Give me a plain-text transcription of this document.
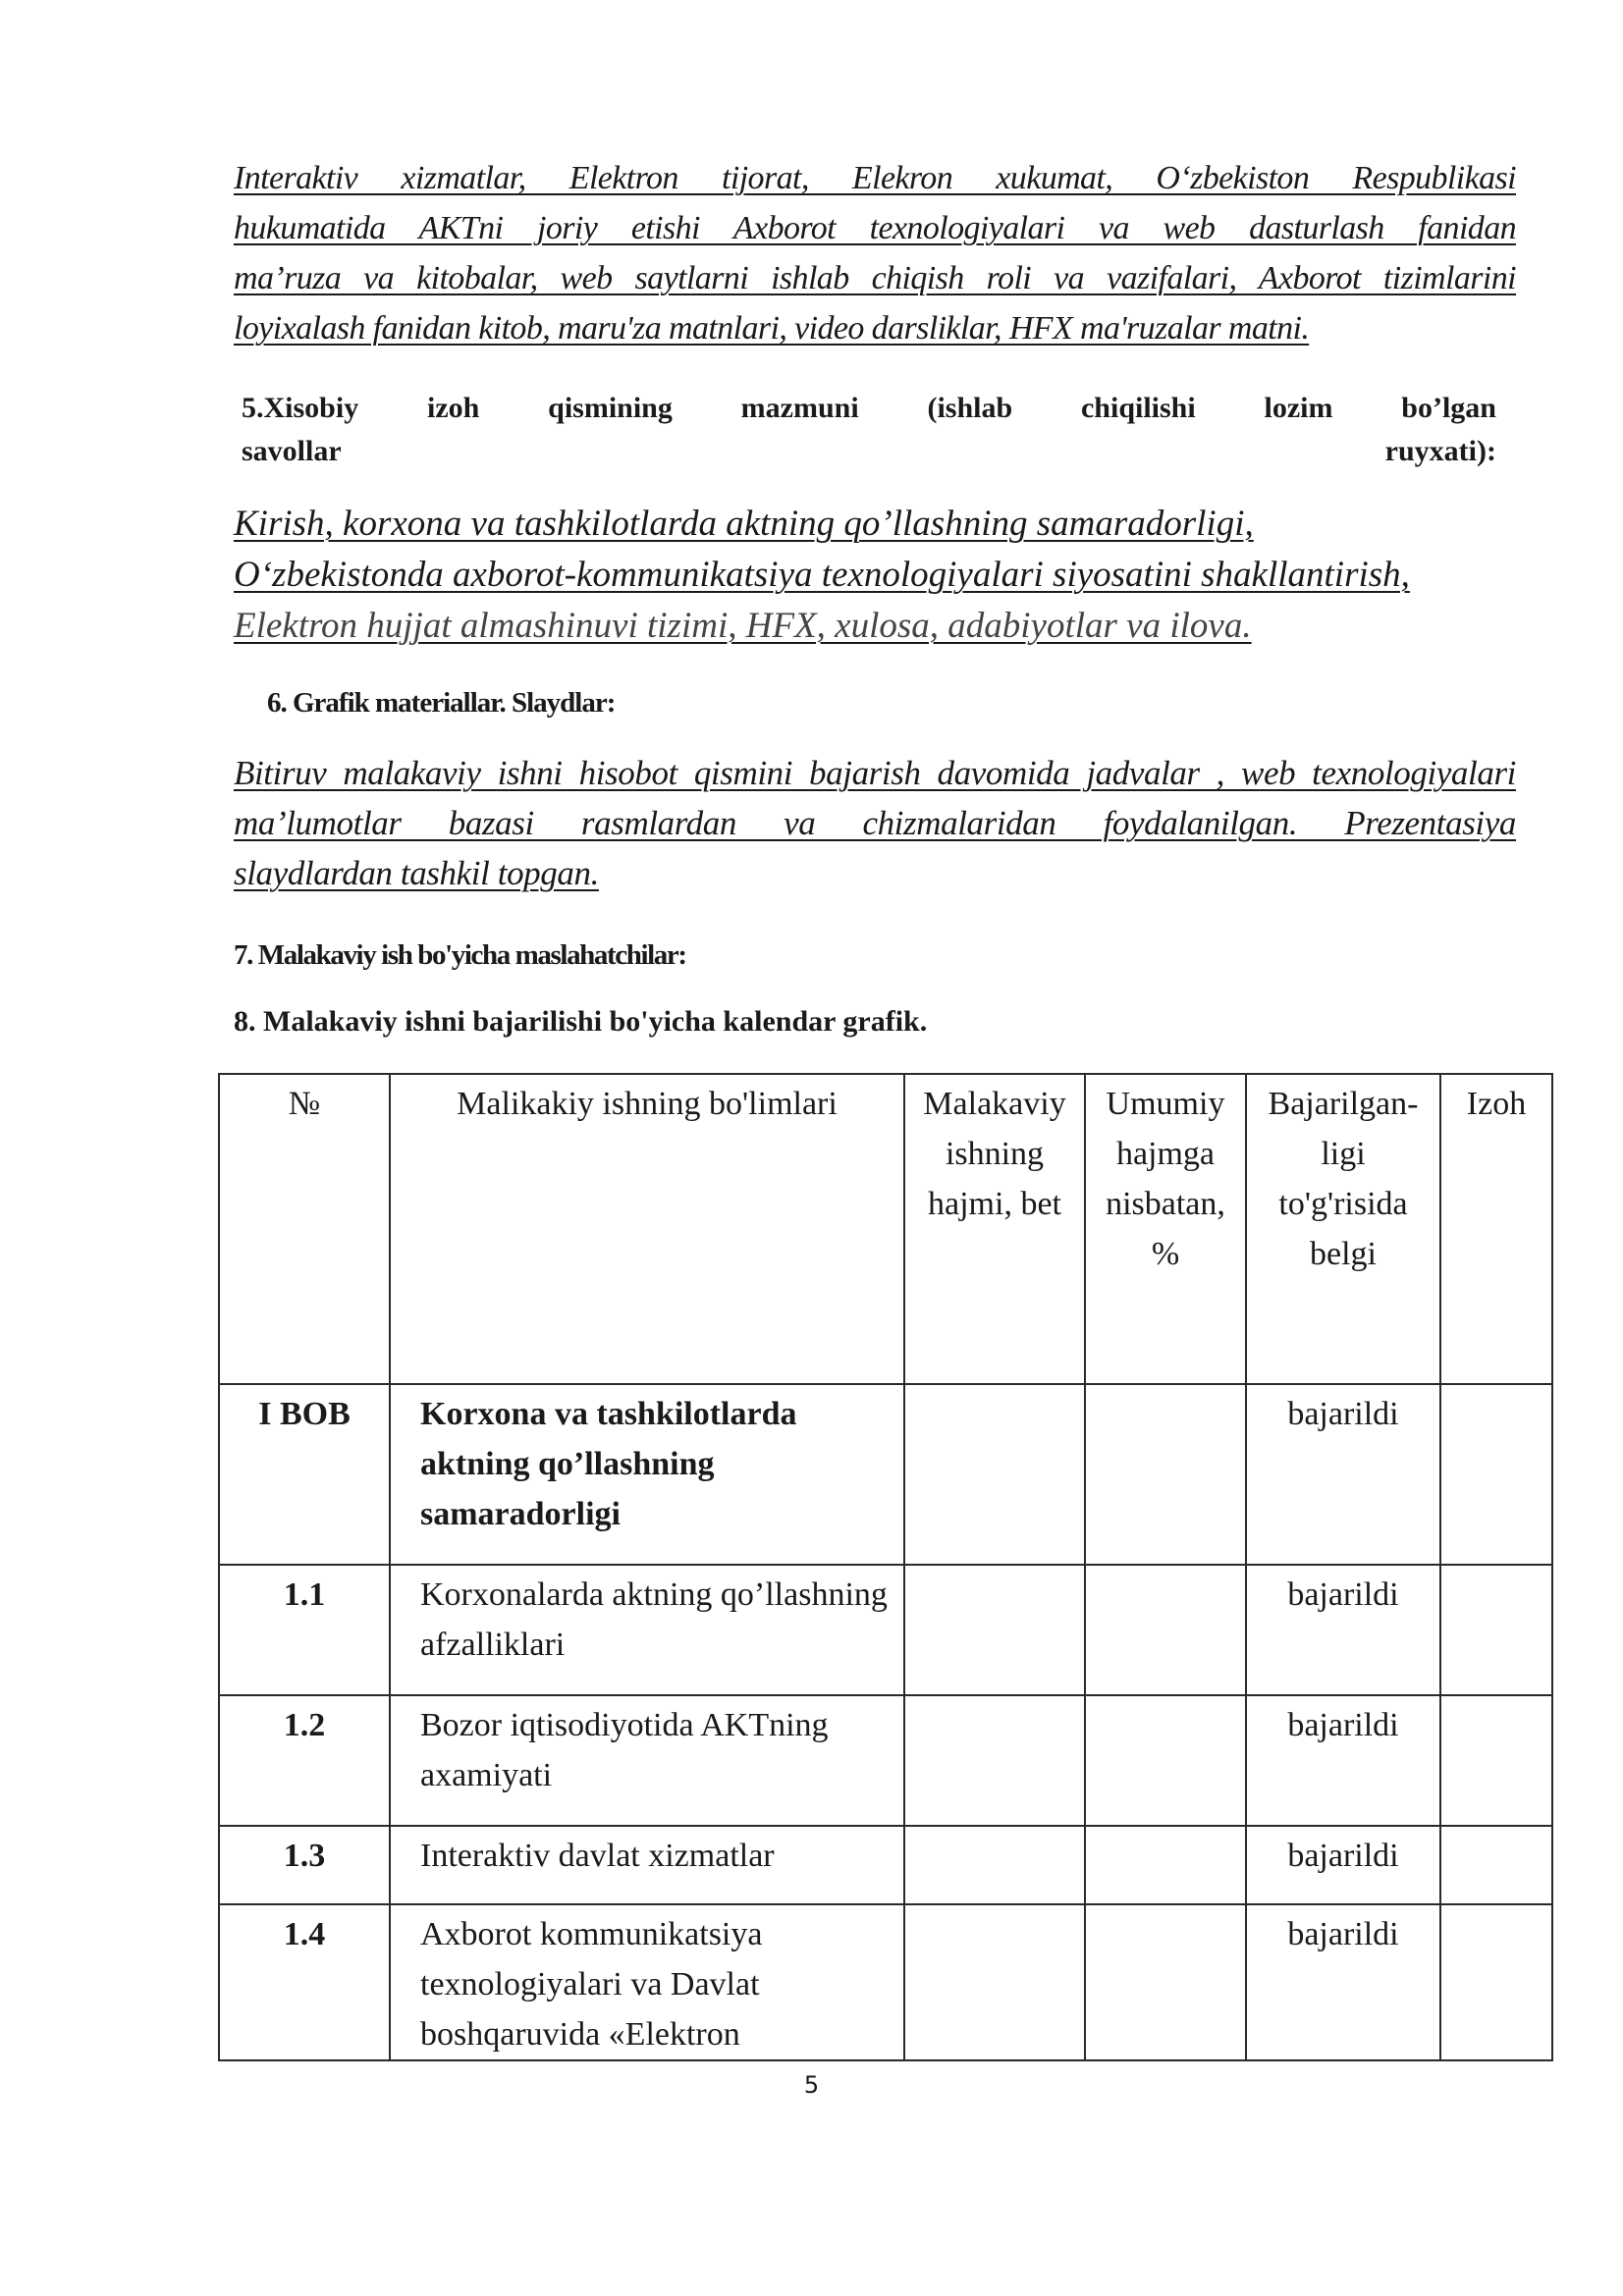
Interaktiv xizmatlar, Elektron tijorat, Elekron xukumat, O‘zbekiston Respublikasi
hukumatida AKTni joriy etishi Axborot texnologiyalari va web dasturlash fanidan
ma’ruza va kitobalar, web saytlarni ishlab chiqish roli va vazifalari, Axborot tizimlarini
loyixalash fanidan kitob, maru'za matnlari, video darsliklar, HFX ma'ruzalar matni.

5.Xisobiy izoh qismining mazmuni (ishlab chiqilishi lozim bo’lgan
savollar ruyxati):

Kirish, korxona va tashkilotlarda aktning qo’llashning samaradorligi,
O‘zbekistonda axborot-kommunikatsiya texnologiyalari siyosatini shakllantirish,
Elektron hujjat almashinuvi tizimi, HFX, xulosa, adabiyotlar va ilova.

6. Grafik materiallar. Slaydlar:

Bitiruv malakaviy ishni hisobot qismini bajarish davomida jadvalar , web texnologiyalari
ma’lumotlar bazasi rasmlardan va chizmalaridan foydalanilgan. Prezentasiya
slaydlardan tashkil topgan.

7. Malakaviy ish bo'yicha maslahatchilar:
8. Malakaviy ishni bajarilishi bo'yicha kalendar grafik.
№	Malikakiy ishning bo'limlari	Malakaviy ishning hajmi, bet	Umumiy hajmga nisbatan, %	Bajarilgan-ligi to'g'risida belgi	Izoh
I BOB	Korxona va tashkilotlarda aktning qo’llashning samaradorligi			bajarildi	
1.1	Korxonalarda aktning qo’llashning afzalliklari			bajarildi	
1.2	Bozor iqtisodiyotida AKTning axamiyati			bajarildi	
1.3	Interaktiv davlat xizmatlar			bajarildi	
1.4	Axborot kommunikatsiya texnologiyalari va Davlat boshqaruvida «Elektron			bajarildi	
5
